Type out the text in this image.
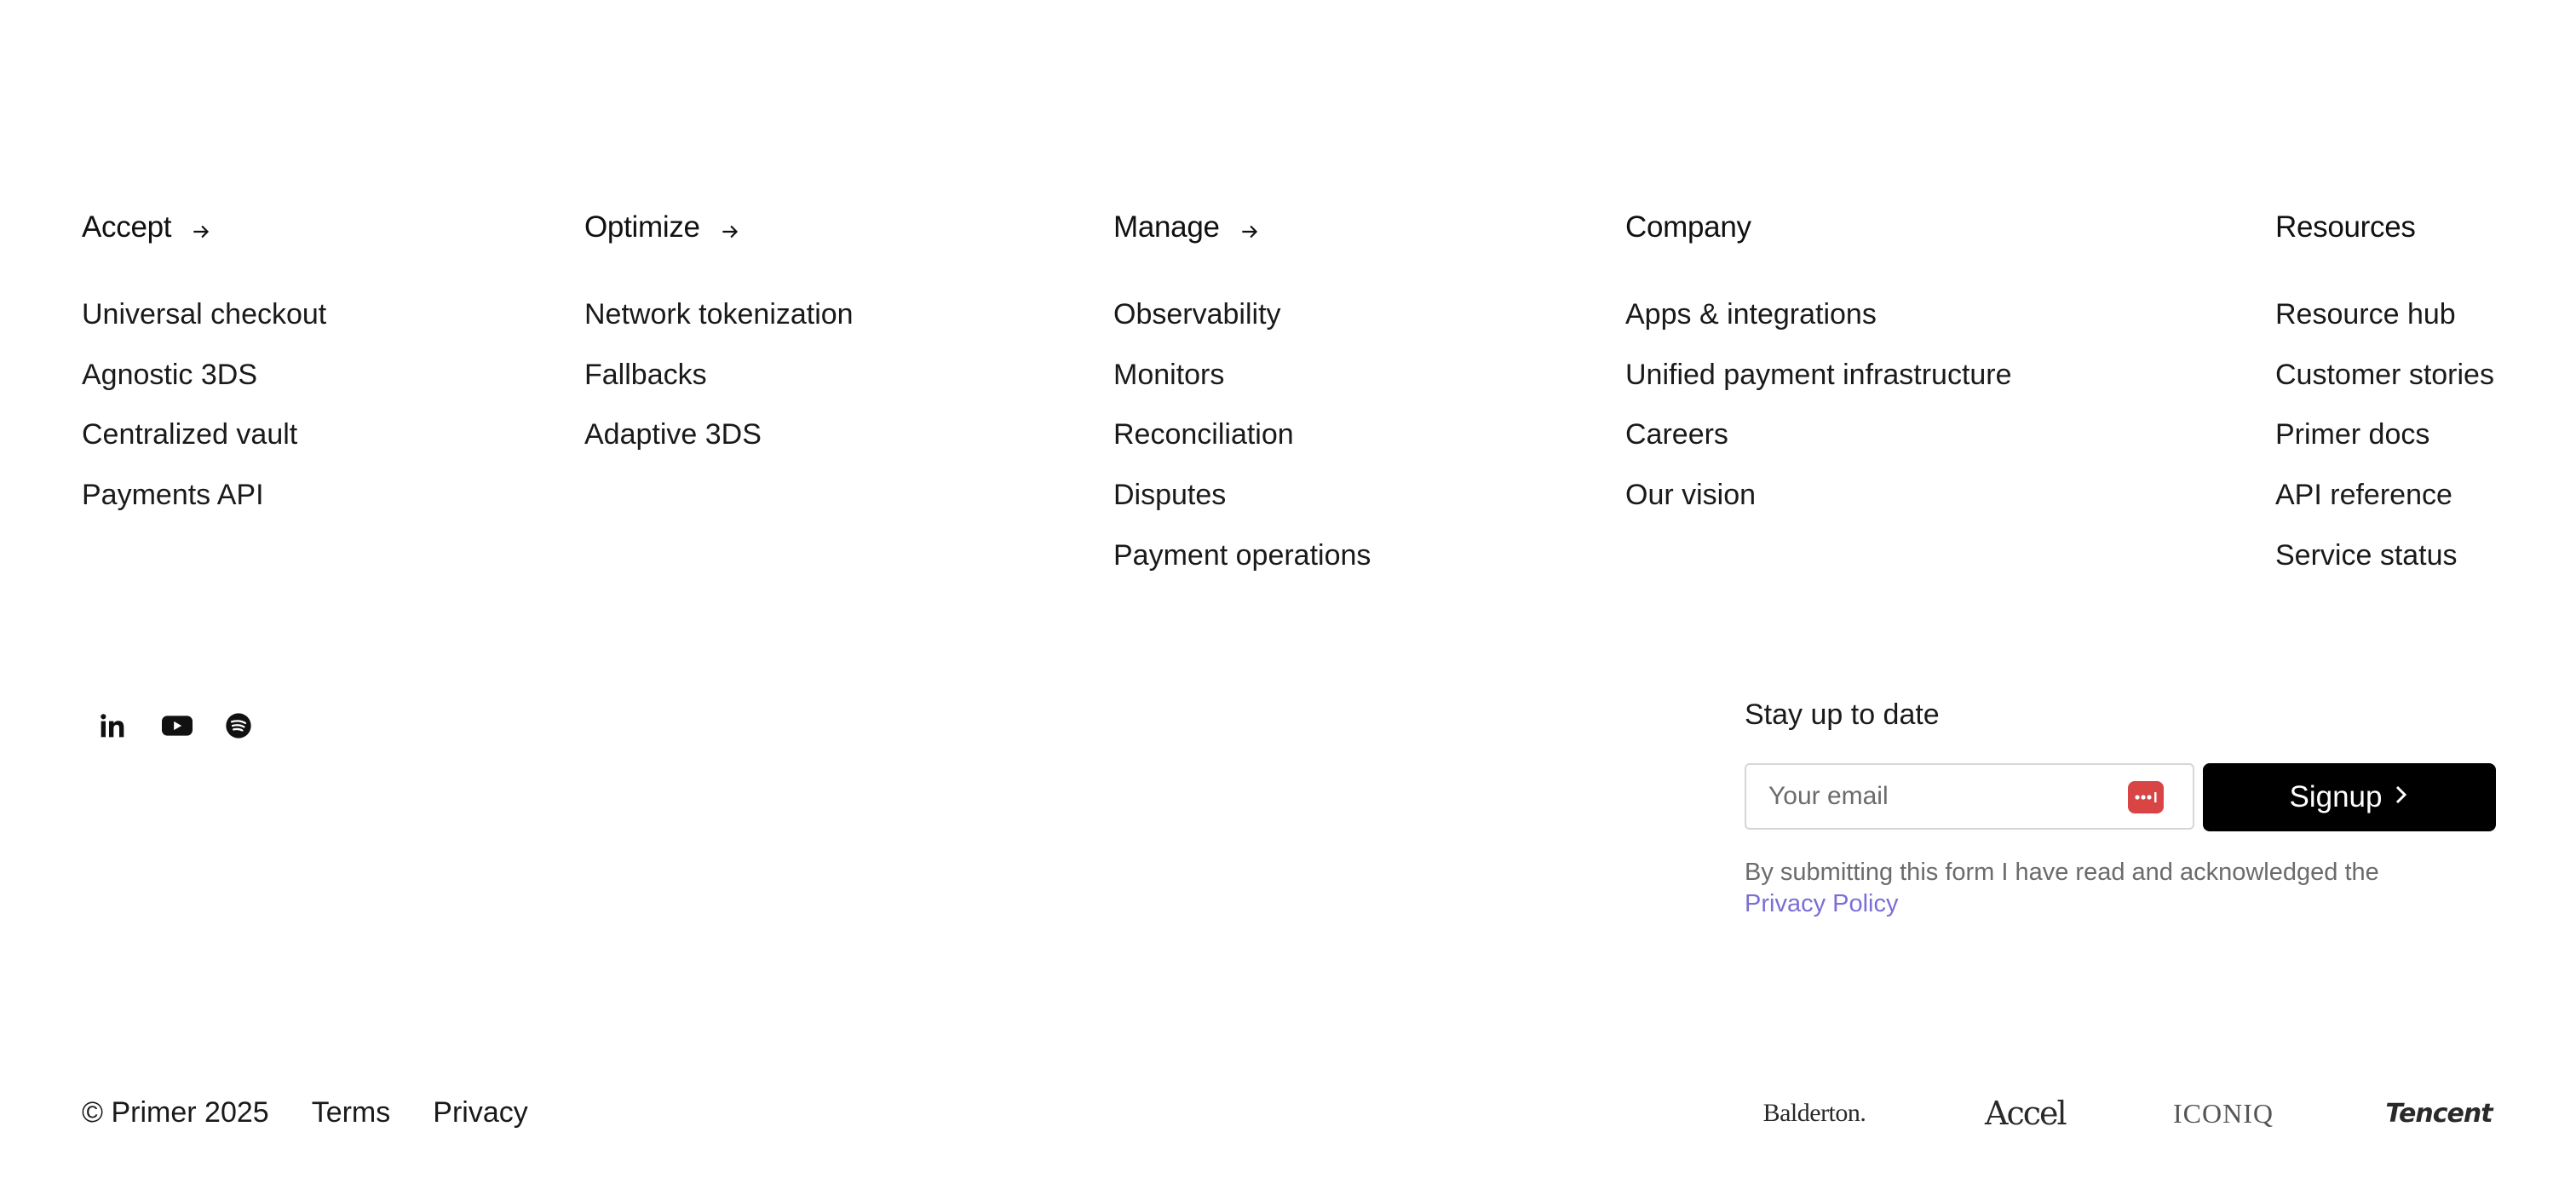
Accept
Universal checkout
Agnostic 3DS
Centralized vault
Payments API
Optimize
Network tokenization
Fallbacks
Adaptive 3DS
Manage
Observability
Monitors
Reconciliation
Disputes
Payment operations
Company
Apps & integrations
Unified payment infrastructure
Careers
Our vision
Resources
Resource hub
Customer stories
Primer docs
API reference
Service status
Stay up to date
Your email
Signup
By submitting this form I have read and acknowledged the
Privacy Policy
© Primer 2025 Terms Privacy	Balderton.	Accel	ICONIQ	Tencent
